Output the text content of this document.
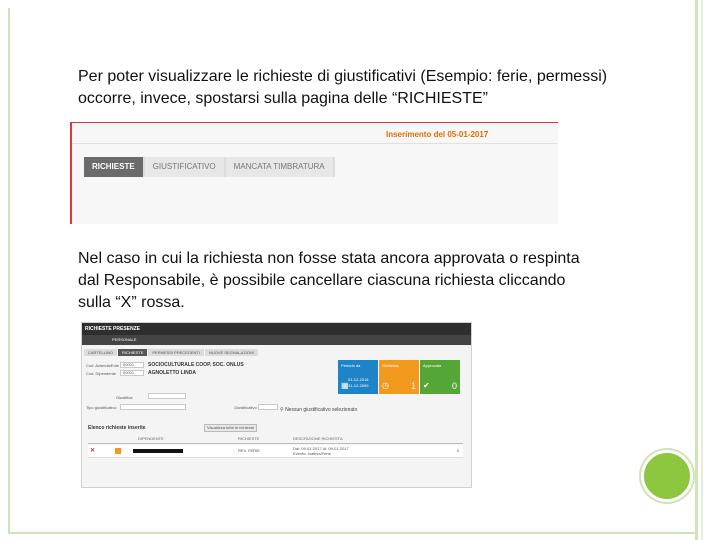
Per poter visualizzare le richieste di giustificativi (Esempio: ferie, permessi) occorre, invece, spostarsi sulla pagina delle “RICHIESTE”

Inserimento del 05-01-2017
RICHIESTE	GIUSTIFICATIVO	MANCATA TIMBRATURA

Nel caso in cui la richiesta non fosse stata ancora approvata o respinta dal Responsabile, è possibile cancellare ciascuna richiesta cliccando sulla “X” rossa.

RICHIESTE PRESENZE
PERSONALE
CARTELLINO	RICHIESTE	PERMESSI PRECEDENTI	NUOVE SEGNALAZIONI
Cod. Azienda/Ente 00001	SOCIOCULTURALE COOP. SOC. ONLUS
Cod. Dipendente	00001	AGNOLETTO LINDA
Giustifica
Tipo giustificativo	Giustificativo	⚲ Nessun giustificativo selezionato
Periodo da
01-12-2016
31-12-2099
▦
Richiesta
◷ 1
Approvata
✔ 0
Elenco richieste inserite	Visualizza tutte le richieste
DIPENDENTE	RICHIESTE	DESCRIZIONE RICHIESTA
✕	REV. FERIE	Dal: 09-01-2017 Al: 09-01-2017
Evento: Inattiva/Ferie
0
